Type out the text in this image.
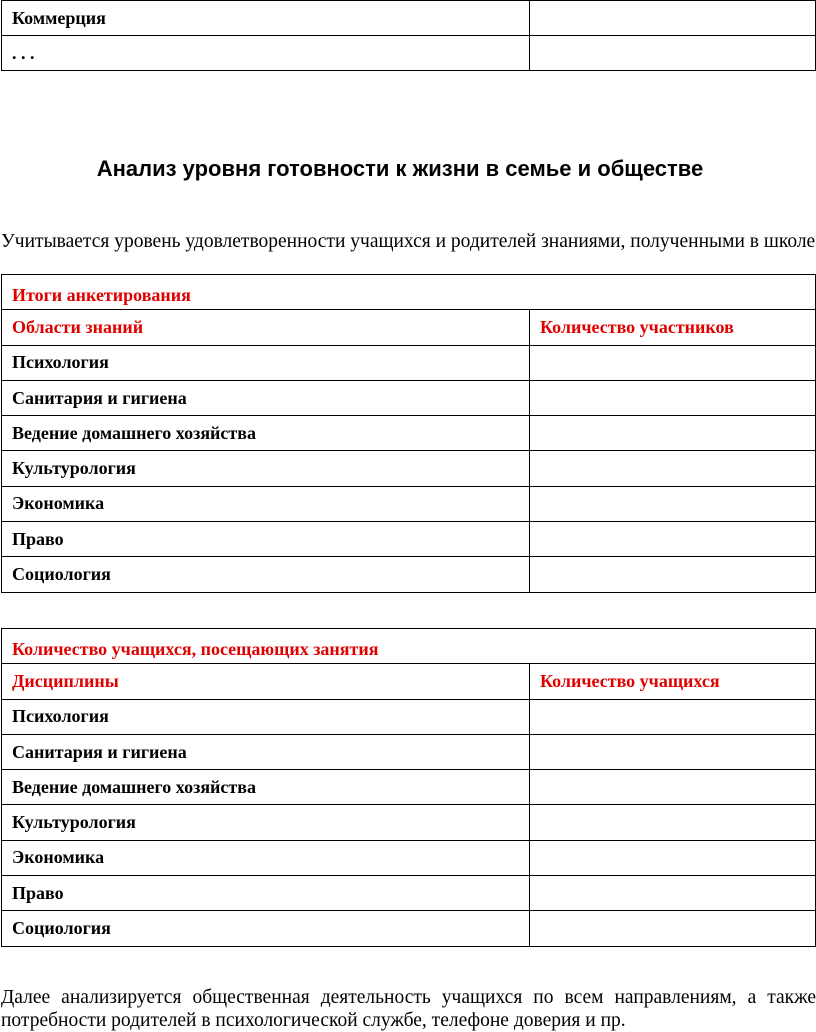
Коммерция	
. . .	
Анализ уровня готовности к жизни в семье и обществе
Учитывается уровень удовлетворенности учащихся и родителей знаниями, полученными в школе
Итоги анкетирования	
Области знаний	Количество участников
Психология	
Санитария и гигиена	
Ведение домашнего хозяйства	
Культурология	
Экономика	
Право	
Социология	
Количество учащихся, посещающих занятия	
Дисциплины	Количество учащихся
Психология	
Санитария и гигиена	
Ведение домашнего хозяйства	
Культурология	
Экономика	
Право	
Социология	
Далее анализируется общественная деятельность учащихся по всем направлениям, а также потребности родителей в психологической службе, телефоне доверия и пр.
